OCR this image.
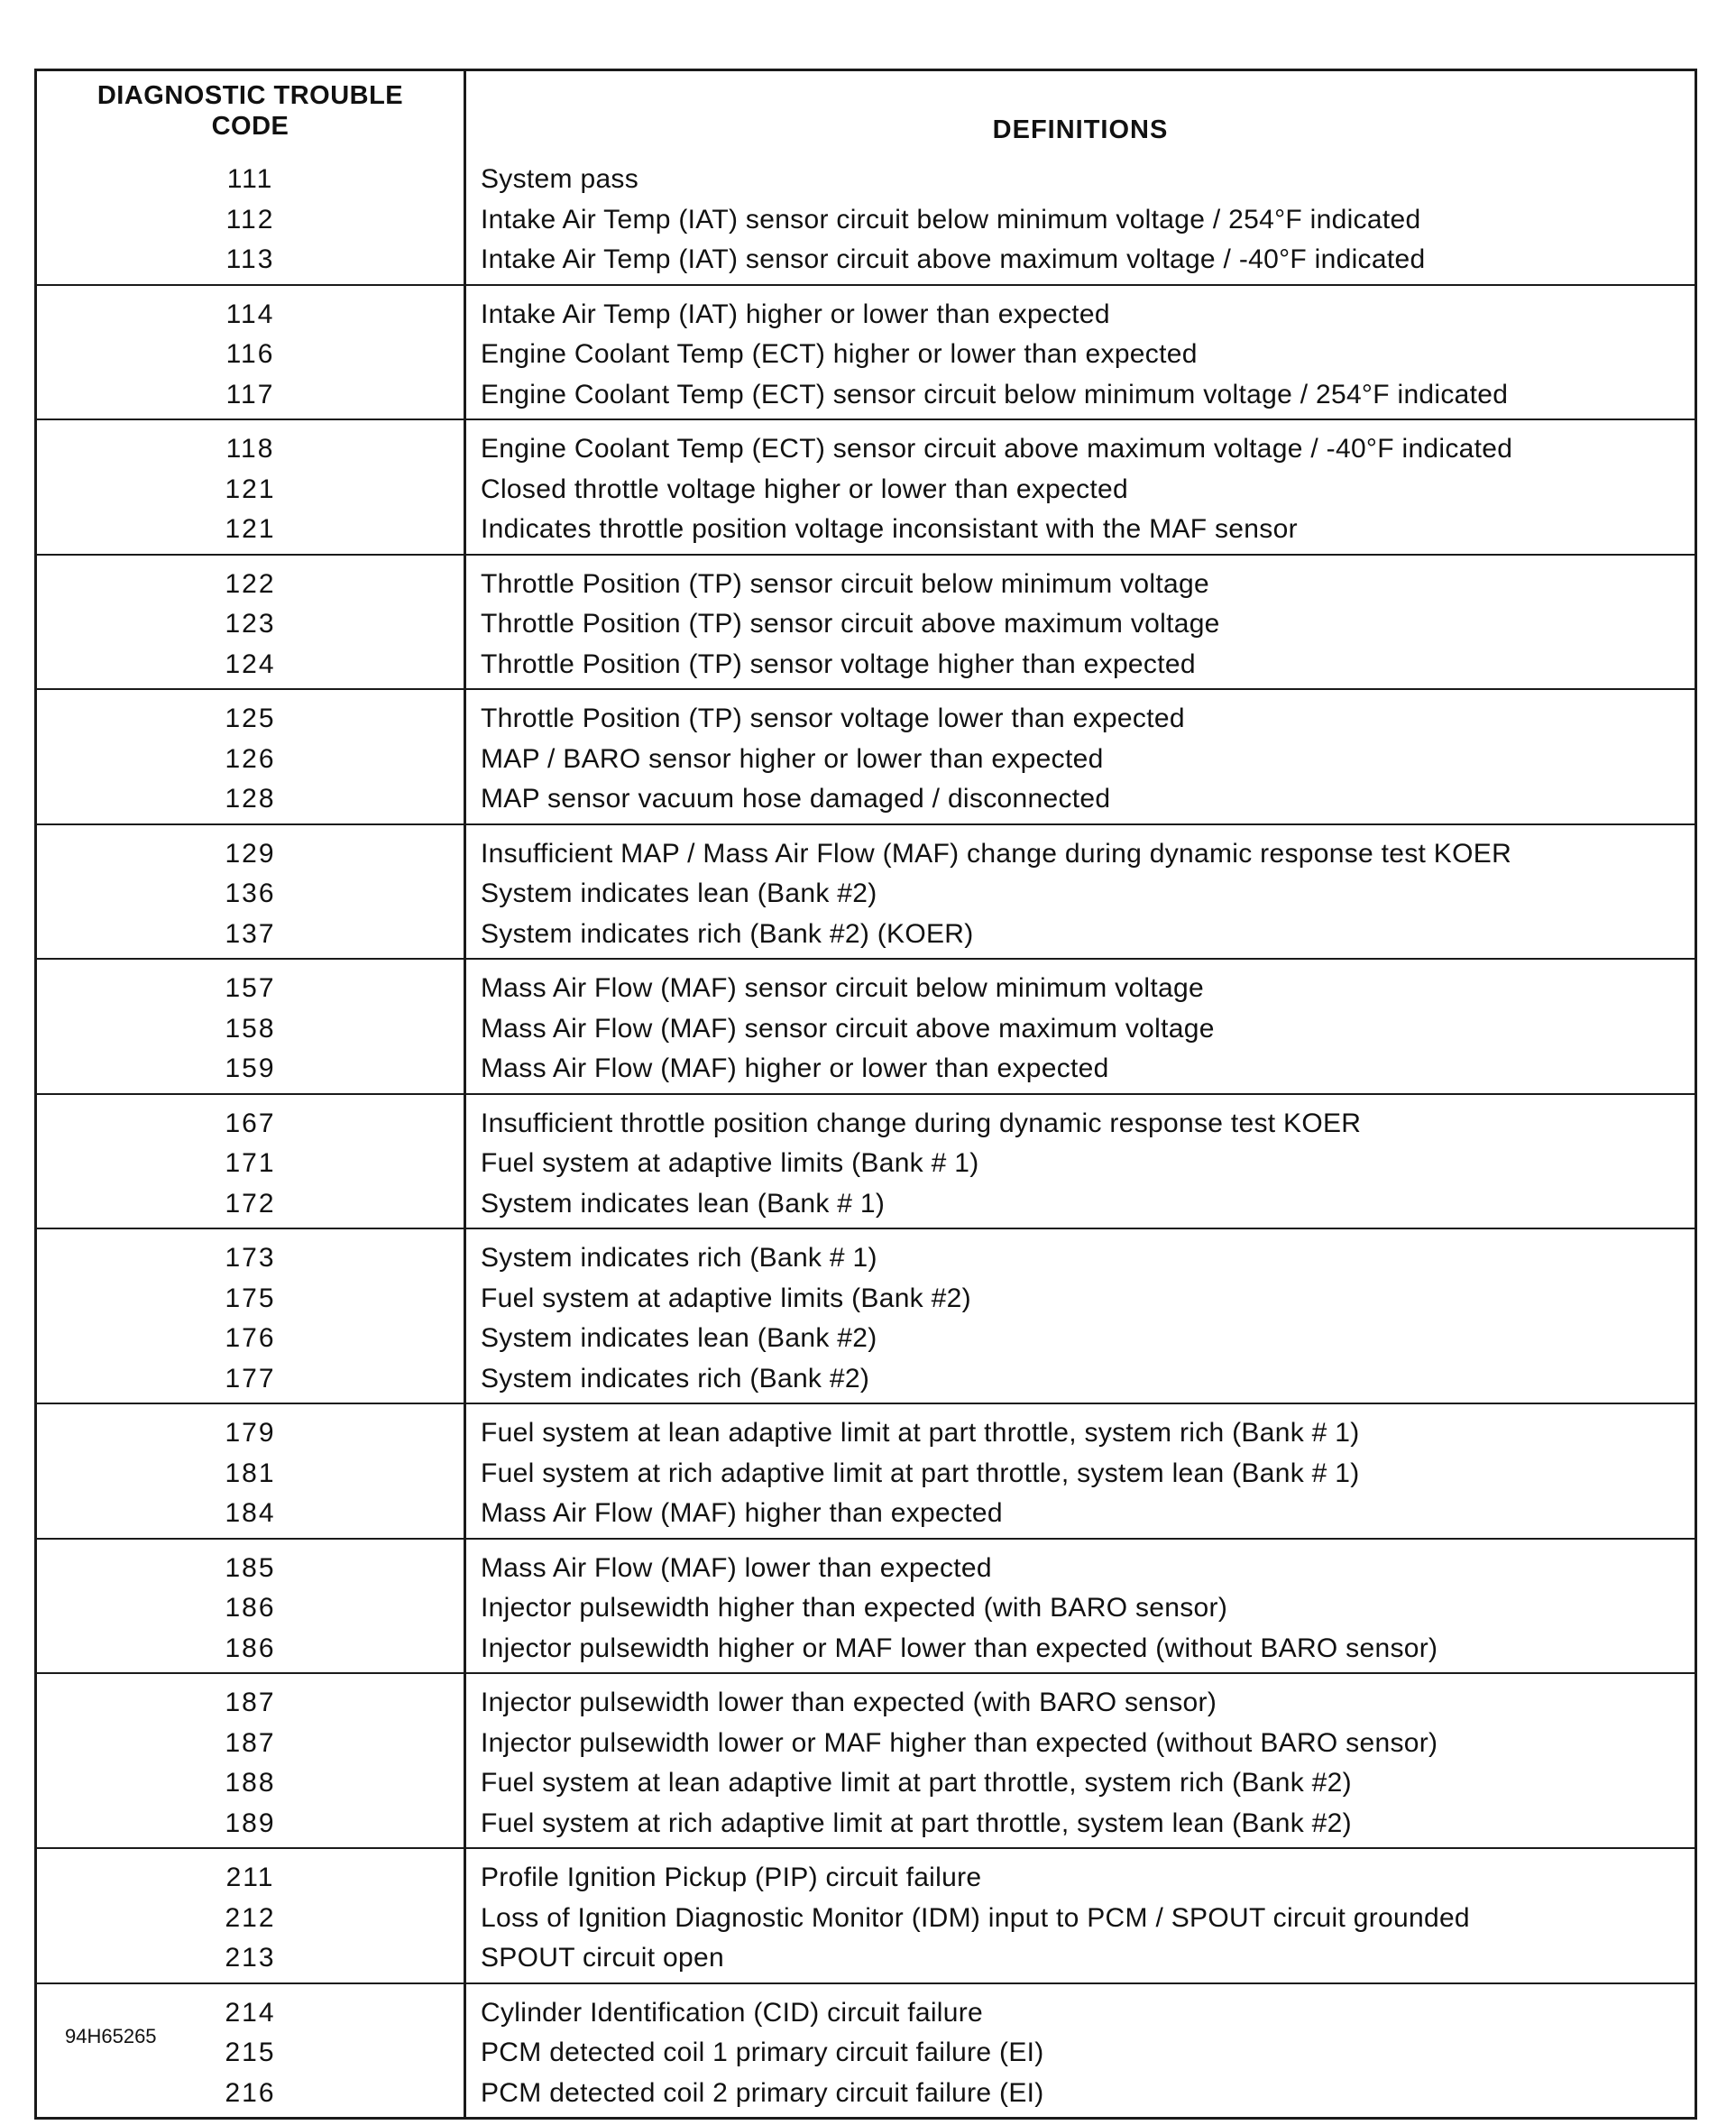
DIAGNOSTIC TROUBLE
CODE	DEFINITIONS
111
112
113
System pass
Intake Air Temp (IAT) sensor circuit below minimum voltage / 254°F indicated
Intake Air Temp (IAT) sensor circuit above maximum voltage / -40°F indicated
114
116
117
Intake Air Temp (IAT) higher or lower than expected
Engine Coolant Temp (ECT) higher or lower than expected
Engine Coolant Temp (ECT) sensor circuit below minimum voltage / 254°F indicated
118
121
121
Engine Coolant Temp (ECT) sensor circuit above maximum voltage / -40°F indicated
Closed throttle voltage higher or lower than expected
Indicates throttle position voltage inconsistant with the MAF sensor
122
123
124
Throttle Position (TP) sensor circuit below minimum voltage
Throttle Position (TP) sensor circuit above maximum voltage
Throttle Position (TP) sensor voltage higher than expected
125
126
128
Throttle Position (TP) sensor voltage lower than expected
MAP / BARO sensor higher or lower than expected
MAP sensor vacuum hose damaged / disconnected
129
136
137
Insufficient MAP / Mass Air Flow (MAF) change during dynamic response test KOER
System indicates lean (Bank #2)
System indicates rich (Bank #2) (KOER)
157
158
159
Mass Air Flow (MAF) sensor circuit below minimum voltage
Mass Air Flow (MAF) sensor circuit above maximum voltage
Mass Air Flow (MAF) higher or lower than expected
167
171
172
Insufficient throttle position change during dynamic response test KOER
Fuel system at adaptive limits (Bank # 1)
System indicates lean (Bank # 1)
173
175
176
177
System indicates rich (Bank # 1)
Fuel system at adaptive limits (Bank #2)
System indicates lean (Bank #2)
System indicates rich (Bank #2)
179
181
184
Fuel system at lean adaptive limit at part throttle, system rich (Bank # 1)
Fuel system at rich adaptive limit at part throttle, system lean (Bank # 1)
Mass Air Flow (MAF) higher than expected
185
186
186
Mass Air Flow (MAF) lower than expected
Injector pulsewidth higher than expected (with BARO sensor)
Injector pulsewidth higher or MAF lower than expected (without BARO sensor)
187
187
188
189
Injector pulsewidth lower than expected (with BARO sensor)
Injector pulsewidth lower or MAF higher than expected (without BARO sensor)
Fuel system at lean adaptive limit at part throttle, system rich (Bank #2)
Fuel system at rich adaptive limit at part throttle, system lean (Bank #2)
211
212
213
Profile Ignition Pickup (PIP) circuit failure
Loss of Ignition Diagnostic Monitor (IDM) input to PCM / SPOUT circuit grounded
SPOUT circuit open
214
215
216
Cylinder Identification (CID) circuit failure
PCM detected coil 1 primary circuit failure (EI)
PCM detected coil 2 primary circuit failure (EI)
94H65265
